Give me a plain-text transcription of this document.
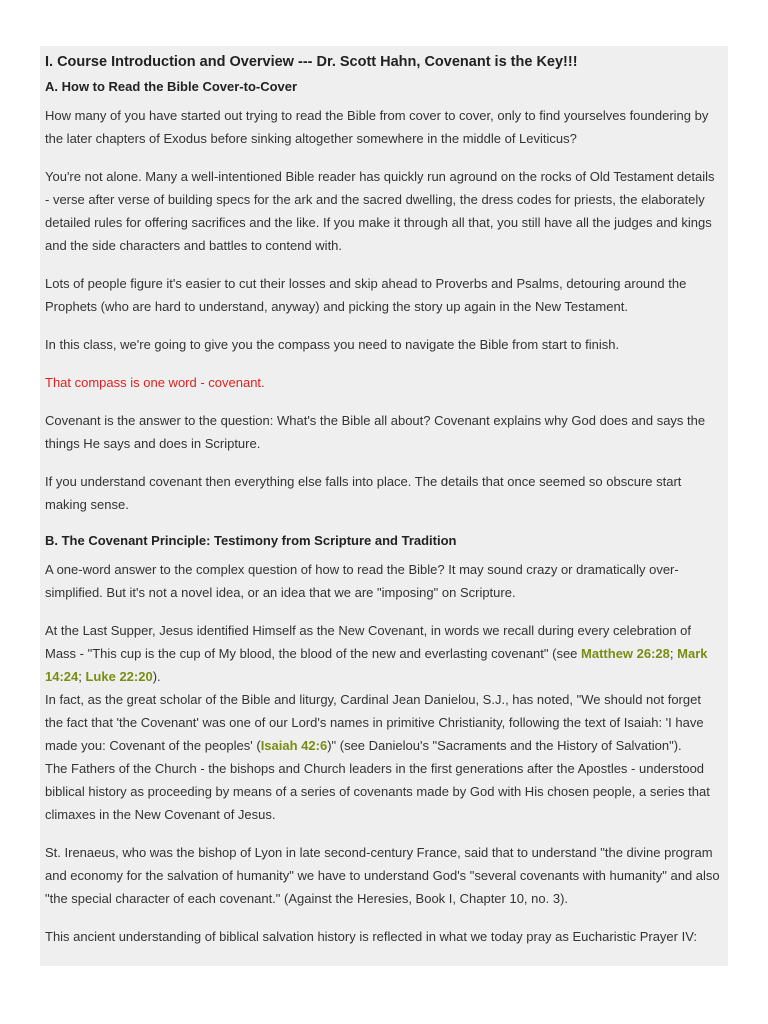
I. Course Introduction and Overview --- Dr. Scott Hahn, Covenant is the Key!!!
A. How to Read the Bible Cover-to-Cover

How many of you have started out trying to read the Bible from cover to cover, only to find yourselves foundering by the later chapters of Exodus before sinking altogether somewhere in the middle of Leviticus?

You're not alone. Many a well-intentioned Bible reader has quickly run aground on the rocks of Old Testament details - verse after verse of building specs for the ark and the sacred dwelling, the dress codes for priests, the elaborately detailed rules for offering sacrifices and the like. If you make it through all that, you still have all the judges and kings and the side characters and battles to contend with.

Lots of people figure it's easier to cut their losses and skip ahead to Proverbs and Psalms, detouring around the Prophets (who are hard to understand, anyway) and picking the story up again in the New Testament.

In this class, we're going to give you the compass you need to navigate the Bible from start to finish.

That compass is one word - covenant.

Covenant is the answer to the question: What's the Bible all about? Covenant explains why God does and says the things He says and does in Scripture.

If you understand covenant then everything else falls into place. The details that once seemed so obscure start making sense.

B. The Covenant Principle: Testimony from Scripture and Tradition

A one-word answer to the complex question of how to read the Bible? It may sound crazy or dramatically over-simplified. But it's not a novel idea, or an idea that we are "imposing" on Scripture.

At the Last Supper, Jesus identified Himself as the New Covenant, in words we recall during every celebration of Mass - "This cup is the cup of My blood, the blood of the new and everlasting covenant" (see Matthew 26:28; Mark 14:24; Luke 22:20).

In fact, as the great scholar of the Bible and liturgy, Cardinal Jean Danielou, S.J., has noted, "We should not forget the fact that 'the Covenant' was one of our Lord's names in primitive Christianity, following the text of Isaiah: 'I have made you: Covenant of the peoples' (Isaiah 42:6)" (see Danielou's "Sacraments and the History of Salvation").

The Fathers of the Church - the bishops and Church leaders in the first generations after the Apostles - understood biblical history as proceeding by means of a series of covenants made by God with His chosen people, a series that climaxes in the New Covenant of Jesus.

St. Irenaeus, who was the bishop of Lyon in late second-century France, said that to understand "the divine program and economy for the salvation of humanity" we have to understand God's "several covenants with humanity" and also "the special character of each covenant." (Against the Heresies, Book I, Chapter 10, no. 3).

This ancient understanding of biblical salvation history is reflected in what we today pray as Eucharistic Prayer IV:
